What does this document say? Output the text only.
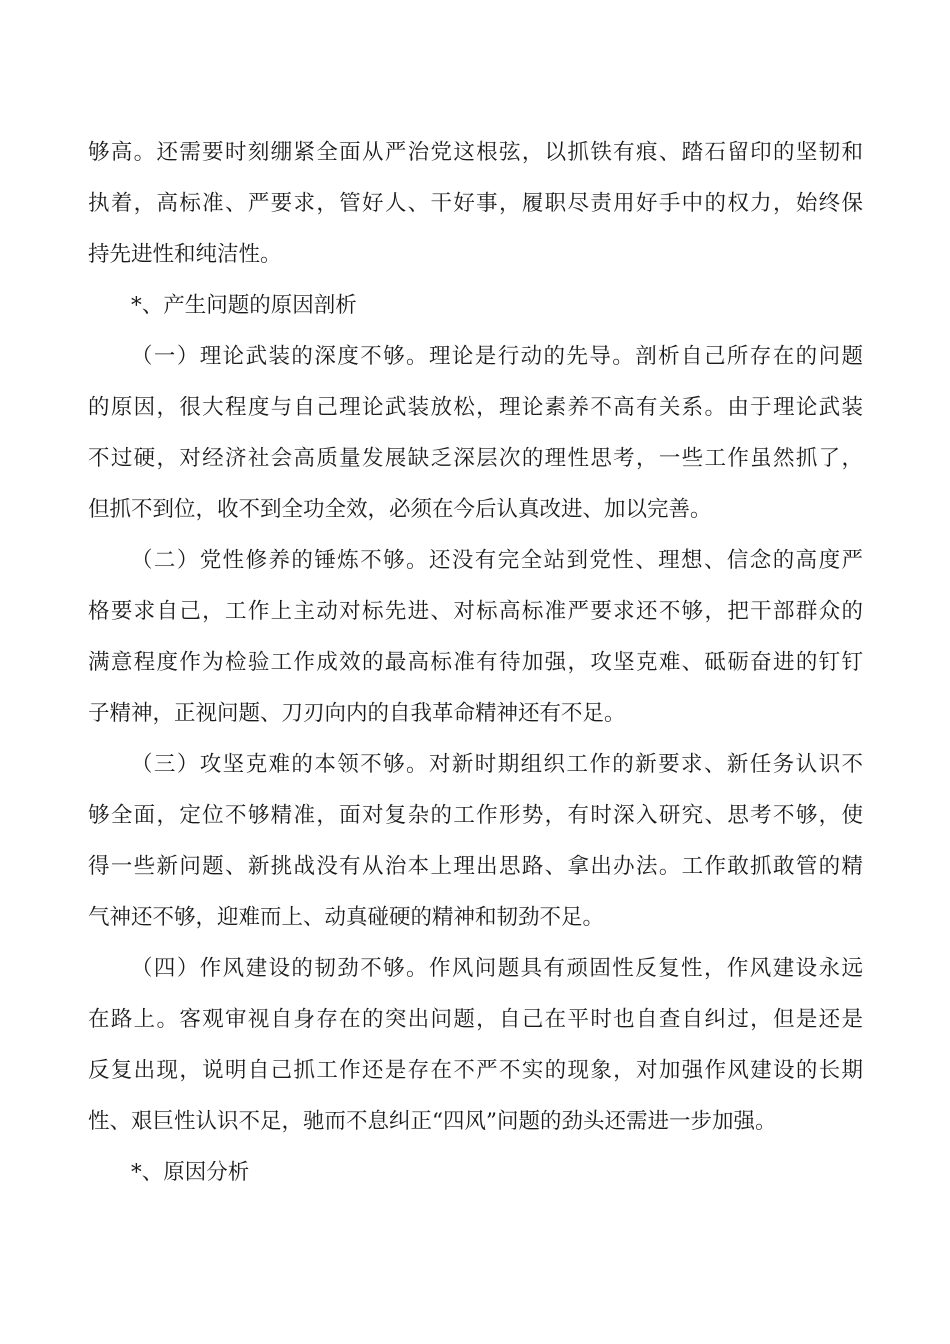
够高。还需要时刻绷紧全面从严治党这根弦，以抓铁有痕、踏石留印的坚韧和
执着，高标准、严要求，管好人、干好事，履职尽责用好手中的权力，始终保
持先进性和纯洁性。
*、产生问题的原因剖析
（一）理论武装的深度不够。理论是行动的先导。剖析自己所存在的问题
的原因，很大程度与自己理论武装放松，理论素养不高有关系。由于理论武装
不过硬，对经济社会高质量发展缺乏深层次的理性思考，一些工作虽然抓了，
但抓不到位，收不到全功全效，必须在今后认真改进、加以完善。
（二）党性修养的锤炼不够。还没有完全站到党性、理想、信念的高度严
格要求自己，工作上主动对标先进、对标高标准严要求还不够，把干部群众的
满意程度作为检验工作成效的最高标准有待加强，攻坚克难、砥砺奋进的钉钉
子精神，正视问题、刀刃向内的自我革命精神还有不足。
（三）攻坚克难的本领不够。对新时期组织工作的新要求、新任务认识不
够全面，定位不够精准，面对复杂的工作形势，有时深入研究、思考不够，使
得一些新问题、新挑战没有从治本上理出思路、拿出办法。工作敢抓敢管的精
气神还不够，迎难而上、动真碰硬的精神和韧劲不足。
（四）作风建设的韧劲不够。作风问题具有顽固性反复性，作风建设永远
在路上。客观审视自身存在的突出问题，自己在平时也自查自纠过，但是还是
反复出现，说明自己抓工作还是存在不严不实的现象，对加强作风建设的长期
性、艰巨性认识不足，驰而不息纠正“四风”问题的劲头还需进一步加强。
*、原因分析
